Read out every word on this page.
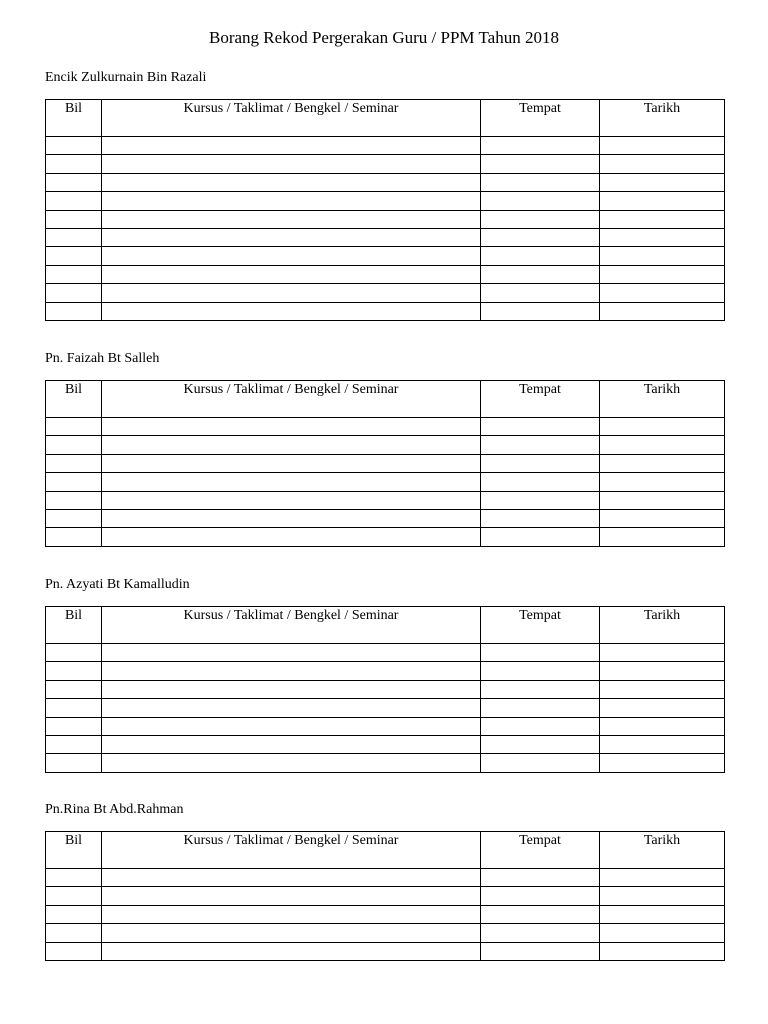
Borang Rekod Pergerakan Guru / PPM Tahun 2018
Encik Zulkurnain Bin Razali
Bil	Kursus / Taklimat / Bengkel / Seminar	Tempat	Tarikh

Pn. Faizah Bt Salleh
Bil	Kursus / Taklimat / Bengkel / Seminar	Tempat	Tarikh

Pn. Azyati Bt Kamalludin
Bil	Kursus / Taklimat / Bengkel / Seminar	Tempat	Tarikh

Pn.Rina Bt Abd.Rahman
Bil	Kursus / Taklimat / Bengkel / Seminar	Tempat	Tarikh
